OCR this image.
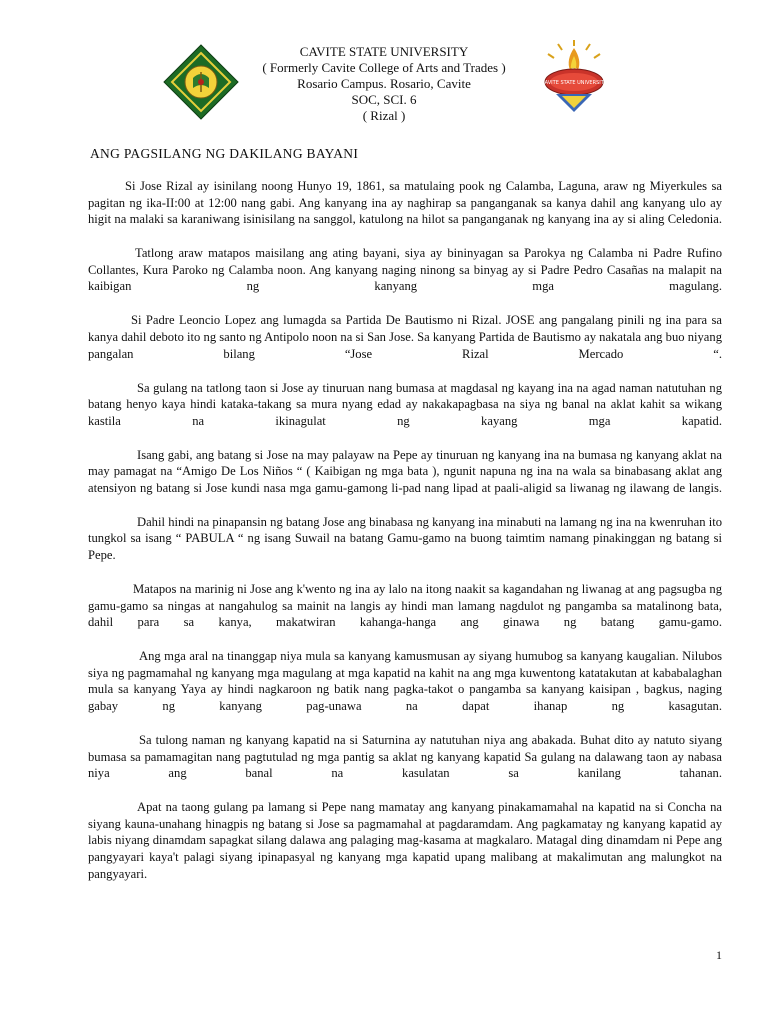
CAVITE STATE UNIVERSITY
( Formerly Cavite College of Arts and Trades )
Rosario Campus. Rosario, Cavite
SOC, SCI. 6
( Rizal )
CAVITE STATE UNIVERSITY
ANG PAGSILANG NG DAKILANG BAYANI

Si Jose Rizal ay isinilang noong Hunyo 19, 1861, sa matulaing pook ng Calamba, Laguna, araw ng Miyerkules sa pagitan ng ika-II:00 at 12:00 nang gabi. Ang kanyang ina ay naghirap sa panganganak sa kanya dahil ang kanyang ulo ay higit na malaki sa karaniwang isinisilang na sanggol, katulong na hilot sa panganganak ng kanyang ina ay si aling Celedonia.

Tatlong araw matapos maisilang ang ating bayani, siya ay bininyagan sa Parokya ng Calamba ni Padre Rufino Collantes, Kura Paroko ng Calamba noon. Ang kanyang naging ninong sa binyag ay si Padre Pedro Casañas na malapit na kaibigan ng kanyang mga magulang.

Si Padre Leoncio Lopez ang lumagda sa Partida De Bautismo ni Rizal. JOSE ang pangalang pinili ng ina para sa kanya dahil deboto ito ng santo ng Antipolo noon na si San Jose. Sa kanyang Partida de Bautismo ay nakatala ang buo niyang pangalan bilang “Jose Rizal Mercado “.

Sa gulang na tatlong taon si Jose ay tinuruan nang bumasa at magdasal ng kayang ina na agad naman natutuhan ng batang henyo kaya hindi kataka-takang sa mura nyang edad ay nakakapagbasa na siya ng banal na aklat kahit sa wikang kastila na ikinagulat ng kayang mga kapatid.

Isang gabi, ang batang si Jose na may palayaw na Pepe ay tinuruan ng kanyang ina na bumasa ng kanyang aklat na may pamagat na “Amigo De Los Niños “ ( Kaibigan ng mga bata ), ngunit napuna ng ina na wala sa binabasang aklat ang atensiyon ng batang si Jose kundi nasa mga gamu-gamong li-pad nang lipad at paali-aligid sa liwanag ng ilawang de langis.

Dahil hindi na pinapansin ng batang Jose ang binabasa ng kanyang ina minabuti na lamang ng ina na kwenruhan ito tungkol sa isang “ PABULA “ ng isang Suwail na batang Gamu-gamo na buong taimtim namang pinakinggan ng batang si Pepe.

Matapos na marinig ni Jose ang k'wento ng ina ay lalo na itong naakit sa kagandahan ng liwanag at ang pagsugba ng gamu-gamo sa ningas at nangahulog sa mainit na langis ay hindi man lamang nagdulot ng pangamba sa matalinong bata, dahil para sa kanya, makatwiran kahanga-hanga ang ginawa ng batang gamu-gamo.

Ang mga aral na tinanggap niya mula sa kanyang kamusmusan ay siyang humubog sa kanyang kaugalian. Nilubos siya ng pagmamahal ng kanyang mga magulang at mga kapatid na kahit na ang mga kuwentong katatakutan at kababalaghan mula sa kanyang Yaya ay hindi nagkaroon ng batik nang pagka-takot o pangamba sa kanyang kaisipan , bagkus, naging gabay ng kanyang pag-unawa na dapat ihanap ng kasagutan.

Sa tulong naman ng kanyang kapatid na si Saturnina ay natutuhan niya ang abakada. Buhat dito ay natuto siyang bumasa sa pamamagitan nang pagtutulad ng mga pantig sa aklat ng kanyang kapatid Sa gulang na dalawang taon ay nabasa niya ang banal na kasulatan sa kanilang tahanan.

Apat na taong gulang pa lamang si Pepe nang mamatay ang kanyang pinakamamahal na kapatid na si Concha na siyang kauna-unahang hinagpis ng batang si Jose sa pagmamahal at pagdaramdam. Ang pagkamatay ng kanyang kapatid ay labis niyang dinamdam sapagkat silang dalawa ang palaging mag-kasama at magkalaro. Matagal ding dinamdam ni Pepe ang pangyayari kaya't palagi siyang ipinapasyal ng kanyang mga kapatid upang malibang at makalimutan ang malungkot na pangyayari.

1
